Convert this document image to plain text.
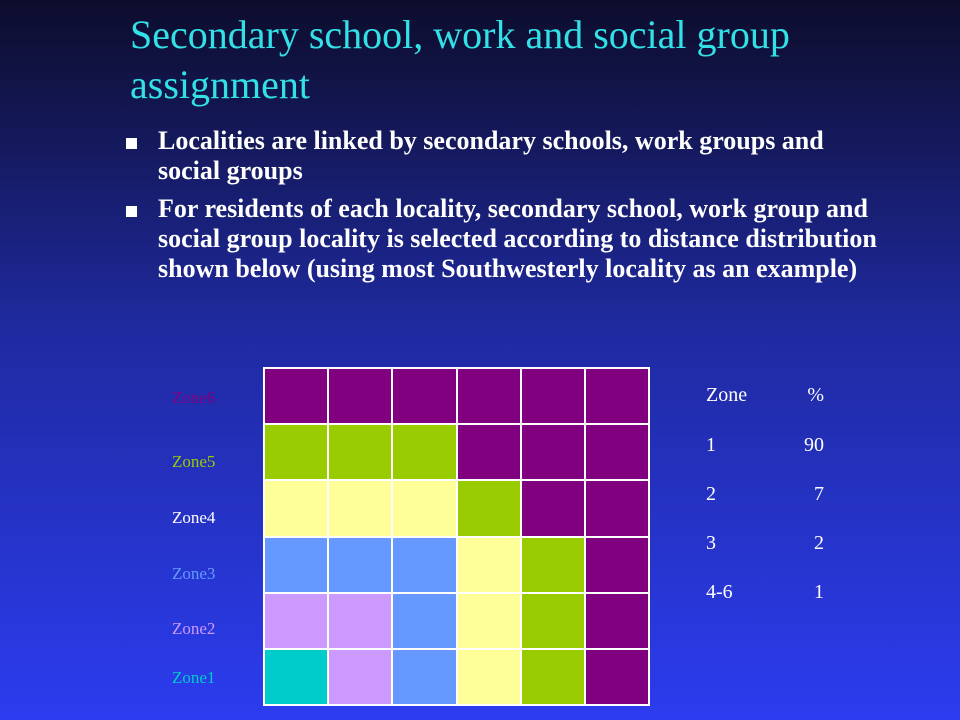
Secondary school, work and social group assignment
Localities are linked by secondary schools, work groups and social groups
For residents of each locality, secondary school, work group and social group locality is selected according to distance distribution shown below (using most Southwesterly locality as an example)
Zone6
Zone5
Zone4
Zone3
Zone2
Zone1
Zone	%
1	90
2	7
3	2
4-6	1
